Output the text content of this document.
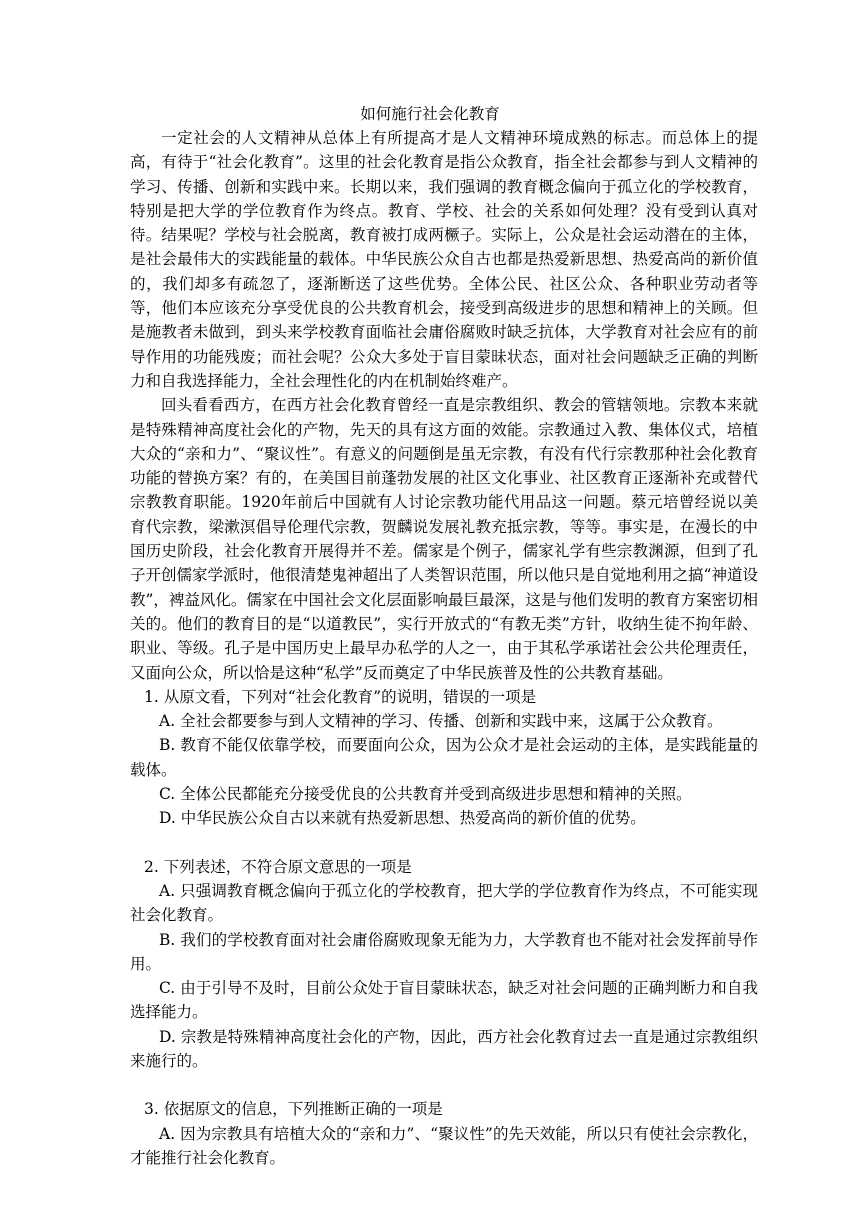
如何施行社会化教育

一定社会的人文精神从总体上有所提高才是人文精神环境成熟的标志。而总体上的提高，有待于“社会化教育”。这里的社会化教育是指公众教育，指全社会都参与到人文精神的学习、传播、创新和实践中来。长期以来，我们强调的教育概念偏向于孤立化的学校教育，特别是把大学的学位教育作为终点。教育、学校、社会的关系如何处理？没有受到认真对待。结果呢？学校与社会脱离，教育被打成两橛子。实际上，公众是社会运动潜在的主体，是社会最伟大的实践能量的载体。中华民族公众自古也都是热爱新思想、热爱高尚的新价值的，我们却多有疏忽了，逐渐断送了这些优势。全体公民、社区公众、各种职业劳动者等等，他们本应该充分享受优良的公共教育机会，接受到高级进步的思想和精神上的关顾。但是施教者未做到，到头来学校教育面临社会庸俗腐败时缺乏抗体，大学教育对社会应有的前导作用的功能残废；而社会呢？公众大多处于盲目蒙昧状态，面对社会问题缺乏正确的判断力和自我选择能力，全社会理性化的内在机制始终难产。

回头看看西方，在西方社会化教育曾经一直是宗教组织、教会的管辖领地。宗教本来就是特殊精神高度社会化的产物，先天的具有这方面的效能。宗教通过入教、集体仪式，培植大众的“亲和力”、“聚议性”。有意义的问题倒是虽无宗教，有没有代行宗教那种社会化教育功能的替换方案？有的，在美国目前蓬勃发展的社区文化事业、社区教育正逐渐补充或替代宗教教育职能。1920年前后中国就有人讨论宗教功能代用品这一问题。蔡元培曾经说以美育代宗教，梁漱溟倡导伦理代宗教，贺麟说发展礼教充抵宗教，等等。事实是，在漫长的中国历史阶段，社会化教育开展得并不差。儒家是个例子，儒家礼学有些宗教渊源，但到了孔子开创儒家学派时，他很清楚鬼神超出了人类智识范围，所以他只是自觉地利用之搞“神道设教”，裨益风化。儒家在中国社会文化层面影响最巨最深，这是与他们发明的教育方案密切相关的。他们的教育目的是“以道教民”，实行开放式的“有教无类”方针，收纳生徒不拘年龄、职业、等级。孔子是中国历史上最早办私学的人之一，由于其私学承诺社会公共伦理责任，又面向公众，所以恰是这种“私学”反而奠定了中华民族普及性的公共教育基础。

1. 从原文看，下列对“社会化教育”的说明，错误的一项是

A. 全社会都要参与到人文精神的学习、传播、创新和实践中来，这属于公众教育。

B. 教育不能仅依靠学校，而要面向公众，因为公众才是社会运动的主体，是实践能量的载体。

C. 全体公民都能充分接受优良的公共教育并受到高级进步思想和精神的关照。

D. 中华民族公众自古以来就有热爱新思想、热爱高尚的新价值的优势。

2. 下列表述，不符合原文意思的一项是

A. 只强调教育概念偏向于孤立化的学校教育，把大学的学位教育作为终点，不可能实现社会化教育。

B. 我们的学校教育面对社会庸俗腐败现象无能为力，大学教育也不能对社会发挥前导作用。

C. 由于引导不及时，目前公众处于盲目蒙昧状态，缺乏对社会问题的正确判断力和自我选择能力。

D. 宗教是特殊精神高度社会化的产物，因此，西方社会化教育过去一直是通过宗教组织来施行的。

3. 依据原文的信息，下列推断正确的一项是

A. 因为宗教具有培植大众的“亲和力”、“聚议性”的先天效能，所以只有使社会宗教化，才能推行社会化教育。
